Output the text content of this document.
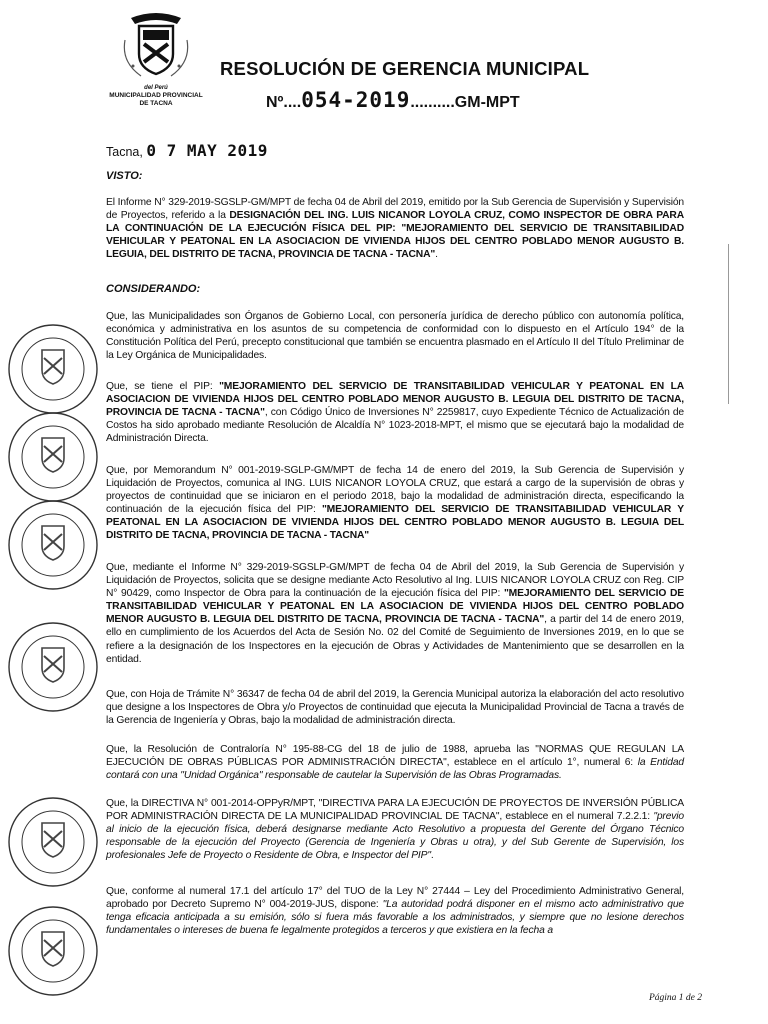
del Perú
MUNICIPALIDAD PROVINCIAL
DE TACNA
RESOLUCIÓN DE GERENCIA MUNICIPAL
Nº....054-2019..........GM-MPT
Tacna, 0 7 MAY 2019
VISTO:
El Informe N° 329-2019-SGSLP-GM/MPT de fecha 04 de Abril del 2019, emitido por la Sub Gerencia de Supervisión y Supervisión de Proyectos, referido a la DESIGNACIÓN DEL ING. LUIS NICANOR LOYOLA CRUZ, COMO INSPECTOR DE OBRA PARA LA CONTINUACIÓN DE LA EJECUCIÓN FÍSICA DEL PIP: "MEJORAMIENTO DEL SERVICIO DE TRANSITABILIDAD VEHICULAR Y PEATONAL EN LA ASOCIACION DE VIVIENDA HIJOS DEL CENTRO POBLADO MENOR AUGUSTO B. LEGUIA, DEL DISTRITO DE TACNA, PROVINCIA DE TACNA - TACNA".
CONSIDERANDO:
Que, las Municipalidades son Órganos de Gobierno Local, con personería jurídica de derecho público con autonomía política, económica y administrativa en los asuntos de su competencia de conformidad con lo dispuesto en el Artículo 194° de la Constitución Política del Perú, precepto constitucional que también se encuentra plasmado en el Artículo II del Título Preliminar de la Ley Orgánica de Municipalidades.
Que, se tiene el PIP: "MEJORAMIENTO DEL SERVICIO DE TRANSITABILIDAD VEHICULAR Y PEATONAL EN LA ASOCIACION DE VIVIENDA HIJOS DEL CENTRO POBLADO MENOR AUGUSTO B. LEGUIA DEL DISTRITO DE TACNA, PROVINCIA DE TACNA - TACNA", con Código Único de Inversiones N° 2259817, cuyo Expediente Técnico de Actualización de Costos ha sido aprobado mediante Resolución de Alcaldía N° 1023-2018-MPT, el mismo que se ejecutará bajo la modalidad de Administración Directa.
Que, por Memorandum N° 001-2019-SGLP-GM/MPT de fecha 14 de enero del 2019, la Sub Gerencia de Supervisión y Liquidación de Proyectos, comunica al ING. LUIS NICANOR LOYOLA CRUZ, que estará a cargo de la supervisión de obras y proyectos de continuidad que se iniciaron en el periodo 2018, bajo la modalidad de administración directa, especificando la continuación de la ejecución física del PIP: "MEJORAMIENTO DEL SERVICIO DE TRANSITABILIDAD VEHICULAR Y PEATONAL EN LA ASOCIACION DE VIVIENDA HIJOS DEL CENTRO POBLADO MENOR AUGUSTO B. LEGUIA DEL DISTRITO DE TACNA, PROVINCIA DE TACNA - TACNA"
Que, mediante el Informe N° 329-2019-SGSLP-GM/MPT de fecha 04 de Abril del 2019, la Sub Gerencia de Supervisión y Liquidación de Proyectos, solicita que se designe mediante Acto Resolutivo al Ing. LUIS NICANOR LOYOLA CRUZ con Reg. CIP N° 90429, como Inspector de Obra para la continuación de la ejecución física del PIP: "MEJORAMIENTO DEL SERVICIO DE TRANSITABILIDAD VEHICULAR Y PEATONAL EN LA ASOCIACION DE VIVIENDA HIJOS DEL CENTRO POBLADO MENOR AUGUSTO B. LEGUIA DEL DISTRITO DE TACNA, PROVINCIA DE TACNA - TACNA", a partir del 14 de enero 2019, ello en cumplimiento de los Acuerdos del Acta de Sesión No. 02 del Comité de Seguimiento de Inversiones 2019, en lo que se refiere a la designación de los Inspectores en la ejecución de Obras y Actividades de Mantenimiento que se desarrollen en la entidad.
Que, con Hoja de Trámite N° 36347 de fecha 04 de abril del 2019, la Gerencia Municipal autoriza la elaboración del acto resolutivo que designe a los Inspectores de Obra y/o Proyectos de continuidad que ejecuta la Municipalidad Provincial de Tacna a través de la Gerencia de Ingeniería y Obras, bajo la modalidad de administración directa.
Que, la Resolución de Contraloría N° 195-88-CG del 18 de julio de 1988, aprueba las "NORMAS QUE REGULAN LA EJECUCIÓN DE OBRAS PÚBLICAS POR ADMINISTRACIÓN DIRECTA", establece en el artículo 1°, numeral 6: la Entidad contará con una "Unidad Orgánica" responsable de cautelar la Supervisión de las Obras Programadas.
Que, la DIRECTIVA N° 001-2014-OPPyR/MPT, "DIRECTIVA PARA LA EJECUCIÓN DE PROYECTOS DE INVERSIÓN PÚBLICA POR ADMINISTRACIÓN DIRECTA DE LA MUNICIPALIDAD PROVINCIAL DE TACNA", establece en el numeral 7.2.2.1: "previo al inicio de la ejecución física, deberá designarse mediante Acto Resolutivo a propuesta del Gerente del Órgano Técnico responsable de la ejecución del Proyecto (Gerencia de Ingeniería y Obras u otra), y del Sub Gerente de Supervisión, los profesionales Jefe de Proyecto o Residente de Obra, e Inspector del PIP".
Que, conforme al numeral 17.1 del artículo 17° del TUO de la Ley N° 27444 – Ley del Procedimiento Administrativo General, aprobado por Decreto Supremo N° 004-2019-JUS, dispone: "La autoridad podrá disponer en el mismo acto administrativo que tenga eficacia anticipada a su emisión, sólo si fuera más favorable a los administrados, y siempre que no lesione derechos fundamentales o intereses de buena fe legalmente protegidos a terceros y que existiera en la fecha a
Página 1 de 2
